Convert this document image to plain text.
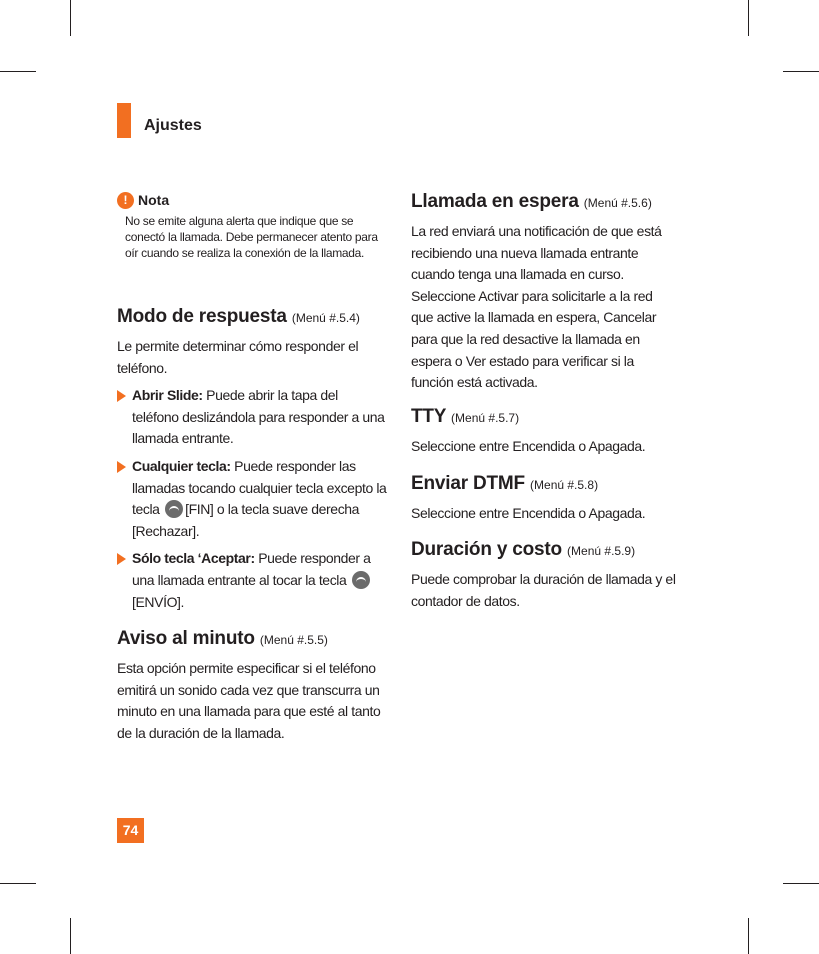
Ajustes
! Nota
No se emite alguna alerta que indique que se conectó la llamada. Debe permanecer atento para oír cuando se realiza la conexión de la llamada.
Modo de respuesta (Menú #.5.4)

Le permite determinar cómo responder el teléfono.

Abrir Slide: Puede abrir la tapa del teléfono deslizándola para responder a una llamada entrante.
Cualquier tecla: Puede responder las llamadas tocando cualquier tecla excepto la tecla [FIN] o la tecla suave derecha [Rechazar].
Sólo tecla ‘Aceptar: Puede responder a una llamada entrante al tocar la tecla [ENVÍO].
Aviso al minuto (Menú #.5.5)

Esta opción permite especificar si el teléfono emitirá un sonido cada vez que transcurra un minuto en una llamada para que esté al tanto de la duración de la llamada.

Llamada en espera (Menú #.5.6)

La red enviará una notificación de que está recibiendo una nueva llamada entrante cuando tenga una llamada en curso. Seleccione Activar para solicitarle a la red que active la llamada en espera, Cancelar para que la red desactive la llamada en espera o Ver estado para verificar si la función está activada.

TTY (Menú #.5.7)

Seleccione entre Encendida o Apagada.

Enviar DTMF (Menú #.5.8)

Seleccione entre Encendida o Apagada.

Duración y costo (Menú #.5.9)

Puede comprobar la duración de llamada y el contador de datos.

74
